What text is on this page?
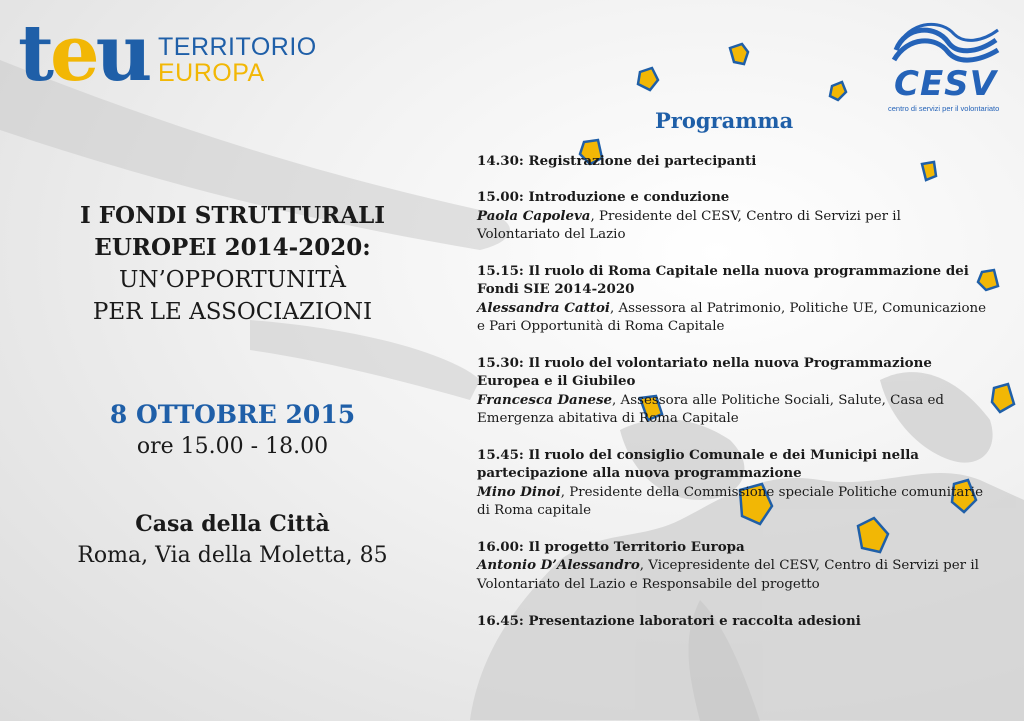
teu TERRITORIO
EUROPA	CESV
centro di servizi per il volontariato
I FONDI STRUTTURALI
EUROPEI 2014-2020:
UN’OPPORTUNITÀ
PER LE ASSOCIAZIONI
8 OTTOBRE 2015
ore 15.00 - 18.00
Casa della Città
Roma, Via della Moletta, 85
Programma
14.30: Registrazione dei partecipanti
15.00: Introduzione e conduzione
Paola Capoleva, Presidente del CESV, Centro di Servizi per il Volontariato del Lazio
15.15: Il ruolo di Roma Capitale nella nuova programmazione dei Fondi SIE 2014-2020
Alessandra Cattoi, Assessora al Patrimonio, Politiche UE, Comunicazione e Pari Opportunità di Roma Capitale
15.30: Il ruolo del volontariato nella nuova Programmazione Europea e il Giubileo
Francesca Danese, Assessora alle Politiche Sociali, Salute, Casa ed Emergenza abitativa di Roma Capitale
15.45: Il ruolo del consiglio Comunale e dei Municipi nella partecipazione alla nuova programmazione
Mino Dinoi, Presidente della Commissione speciale Politiche comunitarie di Roma capitale
16.00: Il progetto Territorio Europa
Antonio D’Alessandro, Vicepresidente del CESV, Centro di Servizi per il Volontariato del Lazio e Responsabile del progetto
16.45: Presentazione laboratori e raccolta adesioni
